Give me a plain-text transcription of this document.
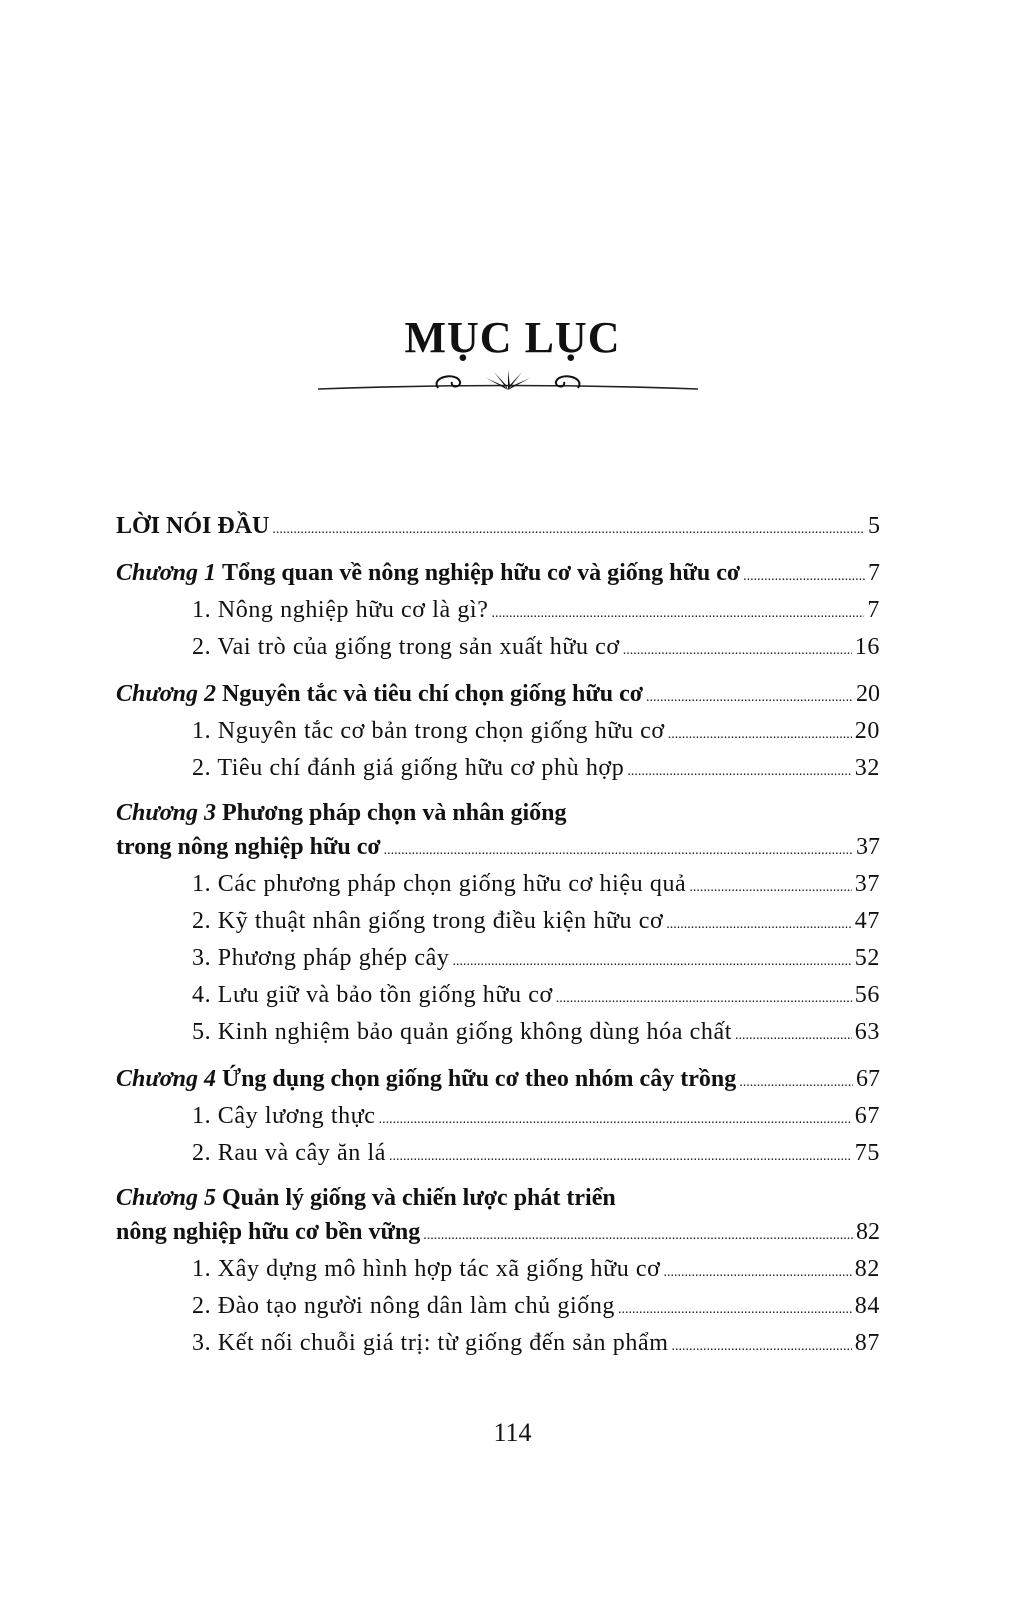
MỤC LỤC
LỜI NÓI ĐẦU .....	5
Chương 1 Tổng quan về nông nghiệp hữu cơ và giống hữu cơ .....	7
1. Nông nghiệp hữu cơ là gì? .....	7
2. Vai trò của giống trong sản xuất hữu cơ .....	16
Chương 2 Nguyên tắc và tiêu chí chọn giống hữu cơ .....	20
1. Nguyên tắc cơ bản trong chọn giống hữu cơ .....	20
2. Tiêu chí đánh giá giống hữu cơ phù hợp .....	32
Chương 3 Phương pháp chọn và nhân giống
trong nông nghiệp hữu cơ .....	37
1. Các phương pháp chọn giống hữu cơ hiệu quả .....	37
2. Kỹ thuật nhân giống trong điều kiện hữu cơ .....	47
3. Phương pháp ghép cây .....	52
4. Lưu giữ và bảo tồn giống hữu cơ .....	56
5. Kinh nghiệm bảo quản giống không dùng hóa chất .....	63
Chương 4 Ứng dụng chọn giống hữu cơ theo nhóm cây trồng .....	67
1. Cây lương thực .....	67
2. Rau và cây ăn lá .....	75
Chương 5 Quản lý giống và chiến lược phát triển
nông nghiệp hữu cơ bền vững .....	82
1. Xây dựng mô hình hợp tác xã giống hữu cơ .....	82
2. Đào tạo người nông dân làm chủ giống .....	84
3. Kết nối chuỗi giá trị: từ giống đến sản phẩm .....	87
114
